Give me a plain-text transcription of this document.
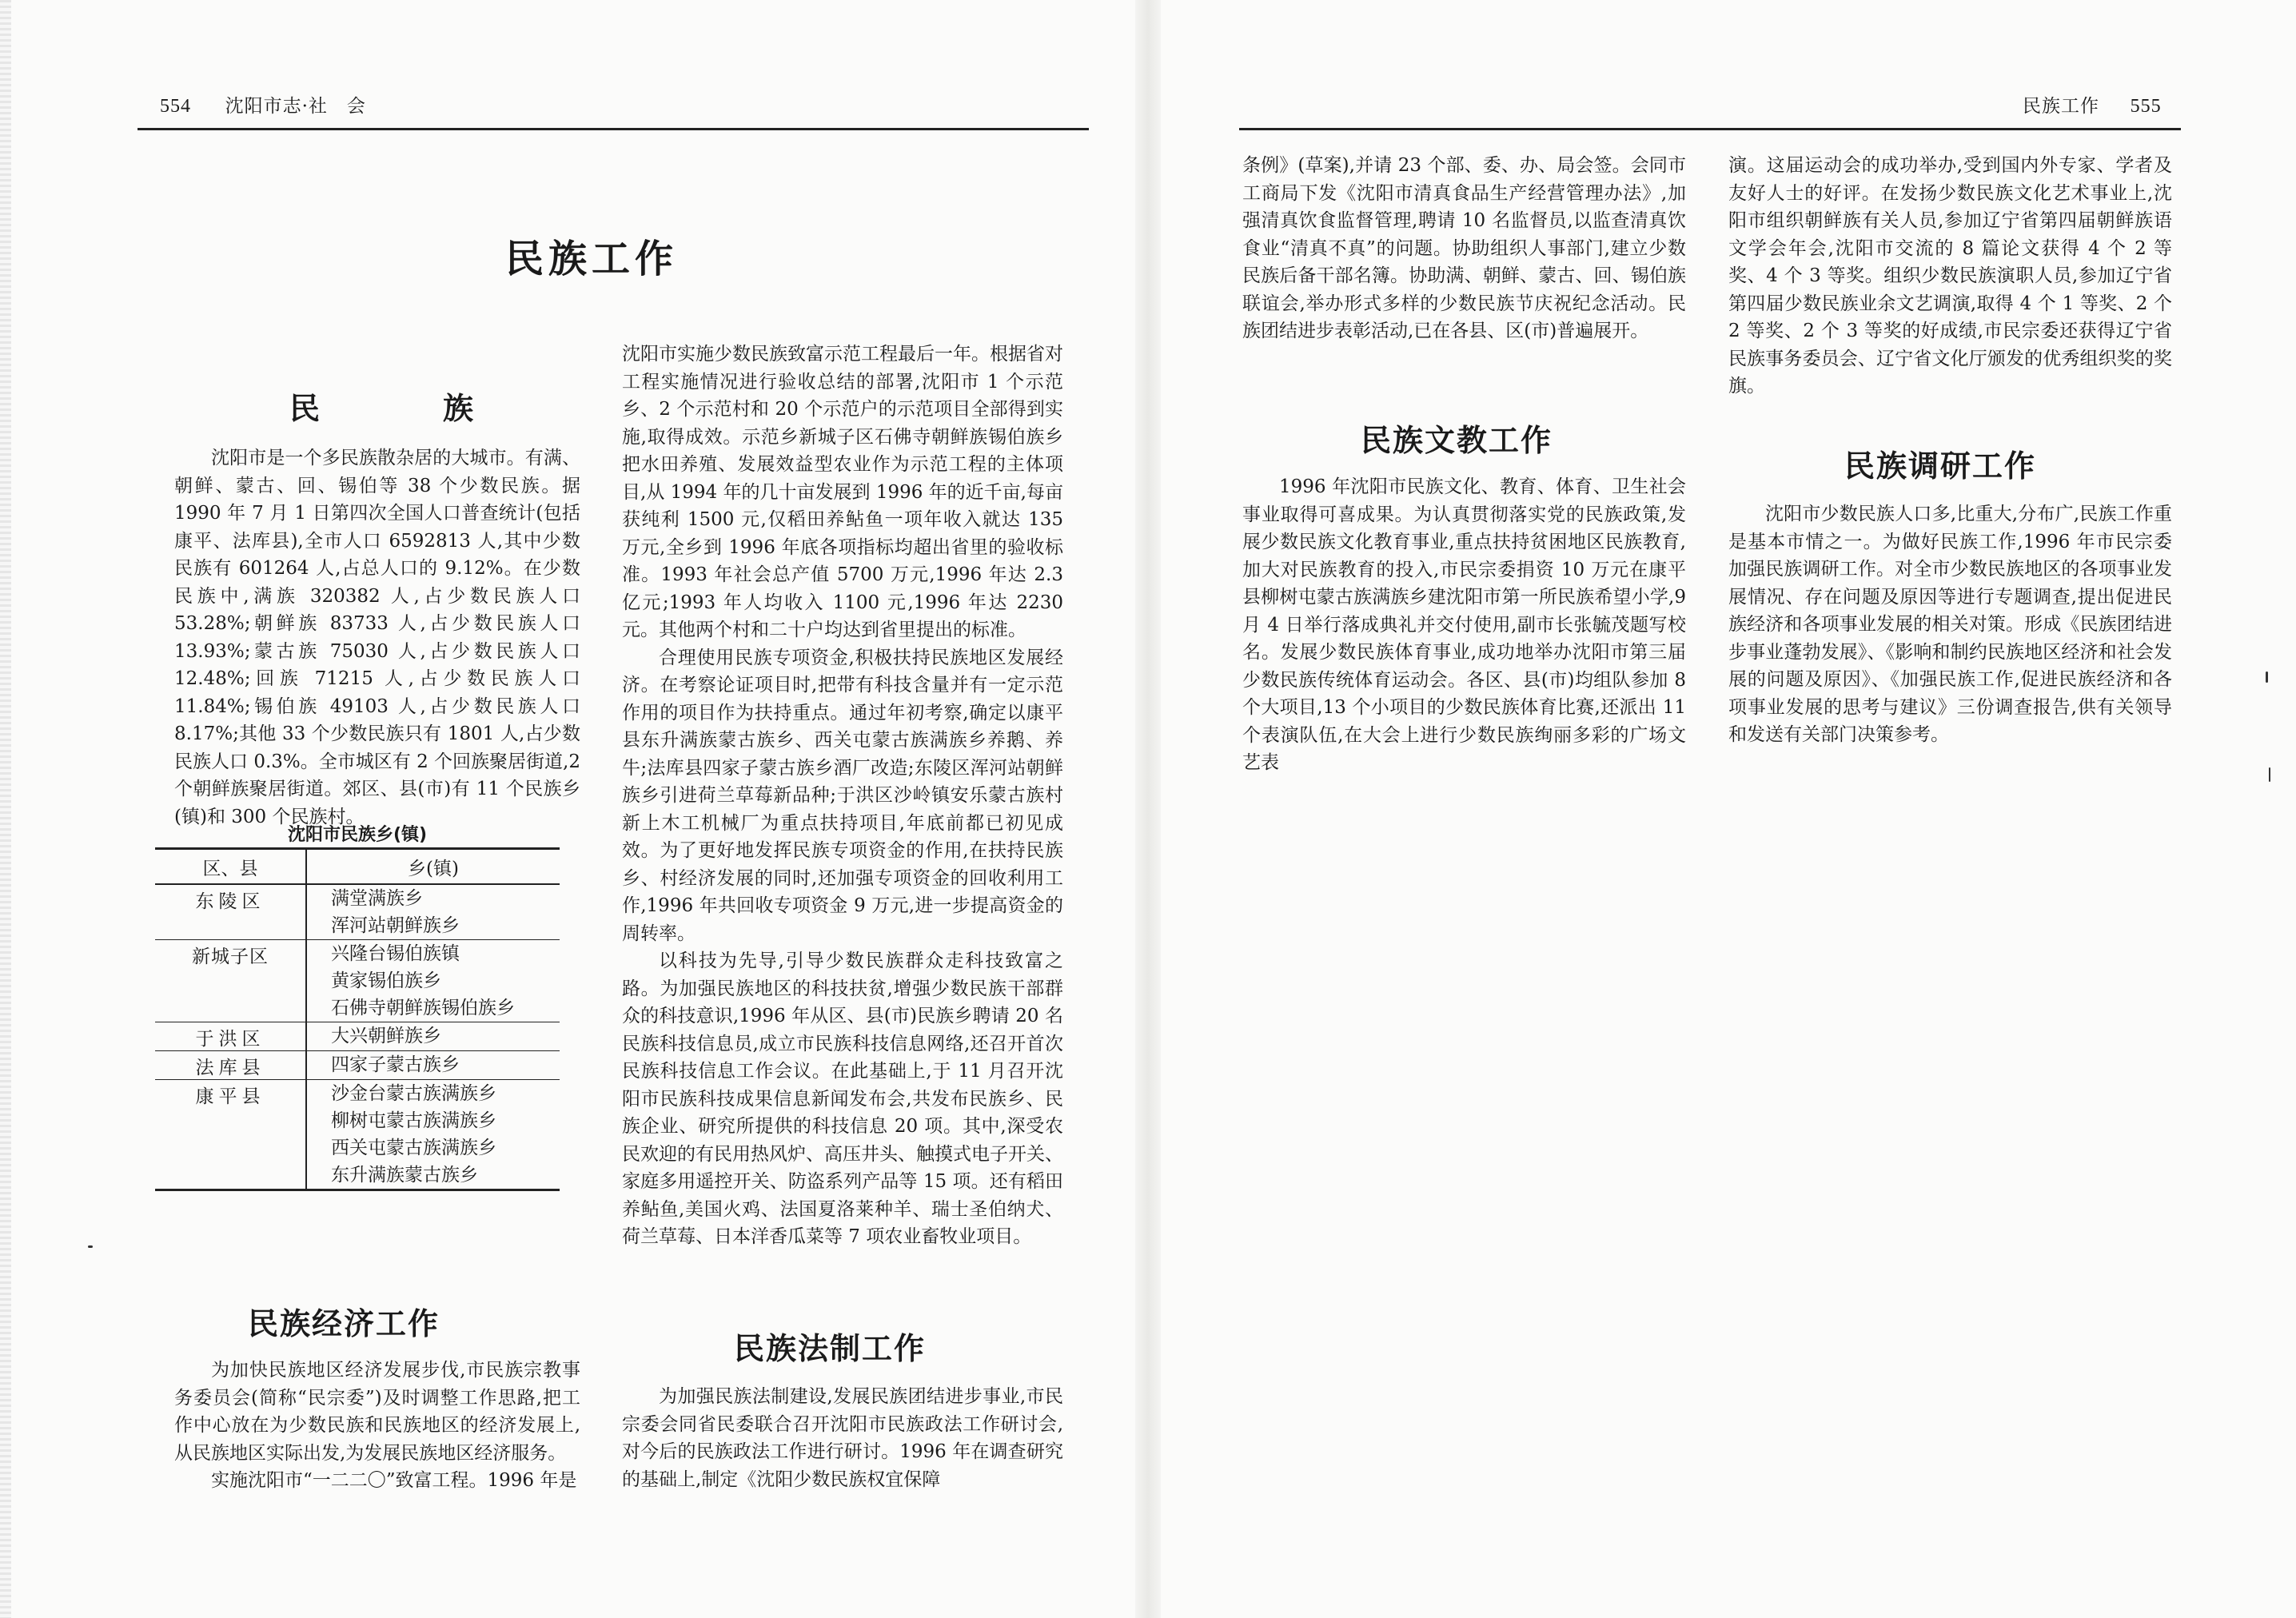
554 沈阳市志·社　会
民族工作
民　族

沈阳市是一个多民族散杂居的大城市。有满、朝鲜、蒙古、回、锡伯等 38 个少数民族。据 1990 年 7 月 1 日第四次全国人口普查统计(包括康平、法库县),全市人口 6592813 人,其中少数民族有 601264 人,占总人口的 9.12%。在少数民族中,满族 320382 人,占少数民族人口 53.28%;朝鲜族 83733 人,占少数民族人口 13.93%;蒙古族 75030 人,占少数民族人口 12.48%;回族 71215 人,占少数民族人口 11.84%;锡伯族 49103 人,占少数民族人口 8.17%;其他 33 个少数民族只有 1801 人,占少数民族人口 0.3%。全市城区有 2 个回族聚居街道,2 个朝鲜族聚居街道。郊区、县(市)有 11 个民族乡(镇)和 300 个民族村。

沈阳市民族乡(镇)
区、县	乡(镇)
东陵区	满堂满族乡
浑河站朝鲜族乡

新城子区	兴隆台锡伯族镇
黄家锡伯族乡
石佛寺朝鲜族锡伯族乡

于洪区	大兴朝鲜族乡

法库县	四家子蒙古族乡

康平县	沙金台蒙古族满族乡
柳树屯蒙古族满族乡
西关屯蒙古族满族乡
东升满族蒙古族乡
民族经济工作

为加快民族地区经济发展步伐,市民族宗教事务委员会(简称“民宗委”)及时调整工作思路,把工作中心放在为少数民族和民族地区的经济发展上,从民族地区实际出发,为发展民族地区经济服务。

实施沈阳市“一二二〇”致富工程。1996 年是

沈阳市实施少数民族致富示范工程最后一年。根据省对工程实施情况进行验收总结的部署,沈阳市 1 个示范乡、2 个示范村和 20 个示范户的示范项目全部得到实施,取得成效。示范乡新城子区石佛寺朝鲜族锡伯族乡把水田养殖、发展效益型农业作为示范工程的主体项目,从 1994 年的几十亩发展到 1996 年的近千亩,每亩获纯利 1500 元,仅稻田养鲇鱼一项年收入就达 135 万元,全乡到 1996 年底各项指标均超出省里的验收标准。1993 年社会总产值 5700 万元,1996 年达 2.3 亿元;1993 年人均收入 1100 元,1996 年达 2230 元。其他两个村和二十户均达到省里提出的标准。

合理使用民族专项资金,积极扶持民族地区发展经济。在考察论证项目时,把带有科技含量并有一定示范作用的项目作为扶持重点。通过年初考察,确定以康平县东升满族蒙古族乡、西关屯蒙古族满族乡养鹅、养牛;法库县四家子蒙古族乡酒厂改造;东陵区浑河站朝鲜族乡引进荷兰草莓新品种;于洪区沙岭镇安乐蒙古族村新上木工机械厂为重点扶持项目,年底前都已初见成效。为了更好地发挥民族专项资金的作用,在扶持民族乡、村经济发展的同时,还加强专项资金的回收利用工作,1996 年共回收专项资金 9 万元,进一步提高资金的周转率。

以科技为先导,引导少数民族群众走科技致富之路。为加强民族地区的科技扶贫,增强少数民族干部群众的科技意识,1996 年从区、县(市)民族乡聘请 20 名民族科技信息员,成立市民族科技信息网络,还召开首次民族科技信息工作会议。在此基础上,于 11 月召开沈阳市民族科技成果信息新闻发布会,共发布民族乡、民族企业、研究所提供的科技信息 20 项。其中,深受农民欢迎的有民用热风炉、高压井头、触摸式电子开关、家庭多用遥控开关、防盗系列产品等 15 项。还有稻田养鲇鱼,美国火鸡、法国夏洛莱种羊、瑞士圣伯纳犬、荷兰草莓、日本洋香瓜菜等 7 项农业畜牧业项目。

民族法制工作

为加强民族法制建设,发展民族团结进步事业,市民宗委会同省民委联合召开沈阳市民族政法工作研讨会,对今后的民族政法工作进行研讨。1996 年在调查研究的基础上,制定《沈阳少数民族权宜保障

民族工作 555

条例》(草案),并请 23 个部、委、办、局会签。会同市工商局下发《沈阳市清真食品生产经营管理办法》,加强清真饮食监督管理,聘请 10 名监督员,以监查清真饮食业“清真不真”的问题。协助组织人事部门,建立少数民族后备干部名簿。协助满、朝鲜、蒙古、回、锡伯族联谊会,举办形式多样的少数民族节庆祝纪念活动。民族团结进步表彰活动,已在各县、区(市)普遍展开。

民族文教工作

1996 年沈阳市民族文化、教育、体育、卫生社会事业取得可喜成果。为认真贯彻落实党的民族政策,发展少数民族文化教育事业,重点扶持贫困地区民族教育,加大对民族教育的投入,市民宗委捐资 10 万元在康平县柳树屯蒙古族满族乡建沈阳市第一所民族希望小学,9 月 4 日举行落成典礼并交付使用,副市长张毓茂题写校名。发展少数民族体育事业,成功地举办沈阳市第三届少数民族传统体育运动会。各区、县(市)均组队参加 8 个大项目,13 个小项目的少数民族体育比赛,还派出 11 个表演队伍,在大会上进行少数民族绚丽多彩的广场文艺表

演。这届运动会的成功举办,受到国内外专家、学者及友好人士的好评。在发扬少数民族文化艺术事业上,沈阳市组织朝鲜族有关人员,参加辽宁省第四届朝鲜族语文学会年会,沈阳市交流的 8 篇论文获得 4 个 2 等奖、4 个 3 等奖。组织少数民族演职人员,参加辽宁省第四届少数民族业余文艺调演,取得 4 个 1 等奖、2 个 2 等奖、2 个 3 等奖的好成绩,市民宗委还获得辽宁省民族事务委员会、辽宁省文化厅颁发的优秀组织奖的奖旗。

民族调研工作

沈阳市少数民族人口多,比重大,分布广,民族工作重是基本市情之一。为做好民族工作,1996 年市民宗委加强民族调研工作。对全市少数民族地区的各项事业发展情况、存在问题及原因等进行专题调查,提出促进民族经济和各项事业发展的相关对策。形成《民族团结进步事业蓬勃发展》、《影响和制约民族地区经济和社会发展的问题及原因》、《加强民族工作,促进民族经济和各项事业发展的思考与建议》三份调查报告,供有关领导和发送有关部门决策参考。
